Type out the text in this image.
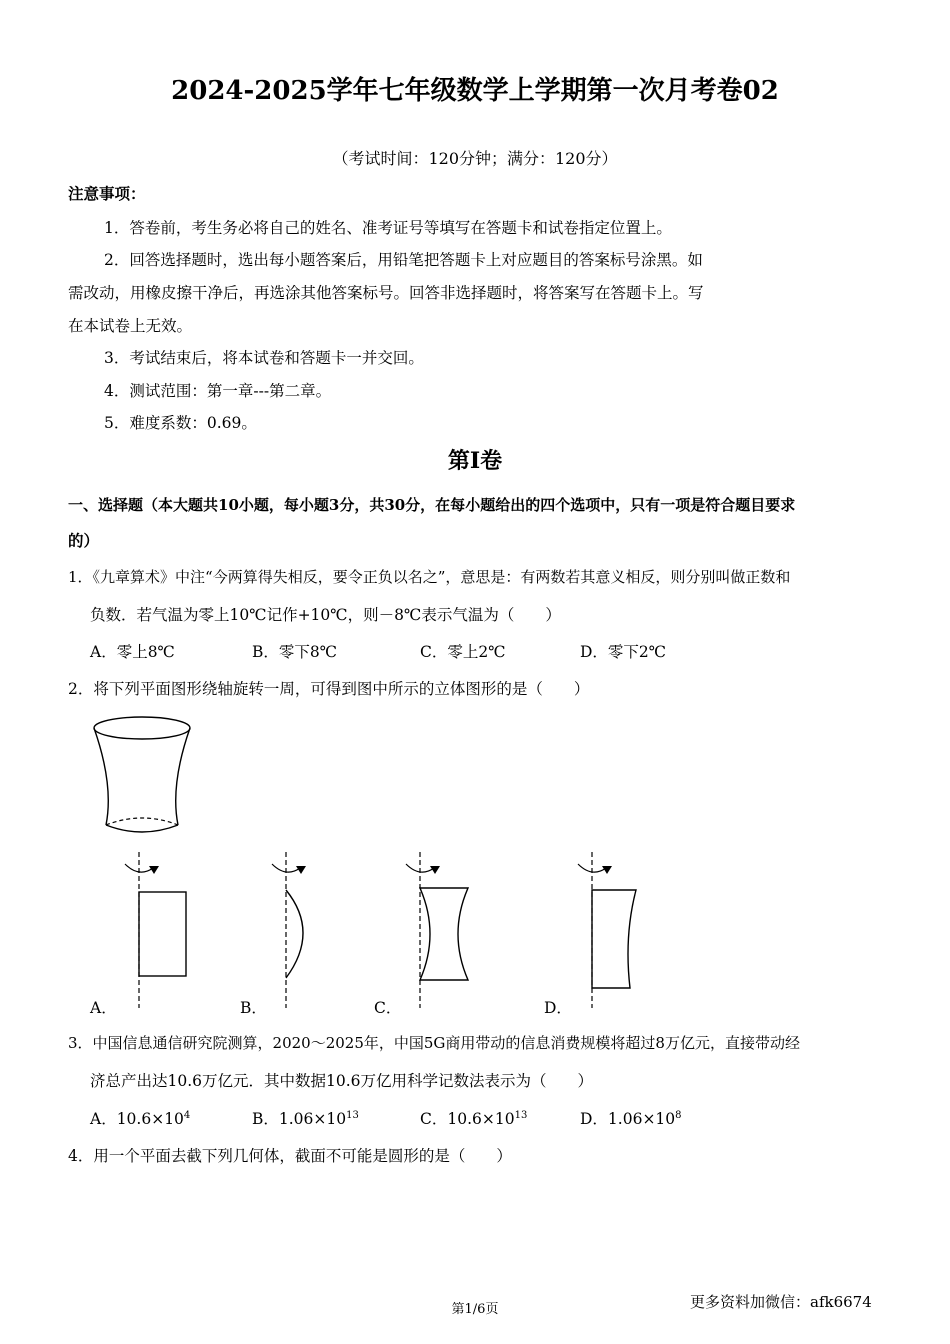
2024-2025学年七年级数学上学期第一次月考卷02
（考试时间：120分钟；满分：120分）
注意事项：
1．答卷前，考生务必将自己的姓名、准考证号等填写在答题卡和试卷指定位置上。
2．回答选择题时，选出每小题答案后，用铅笔把答题卡上对应题目的答案标号涂黑。如
需改动，用橡皮擦干净后，再选涂其他答案标号。回答非选择题时，将答案写在答题卡上。写
在本试卷上无效。
3．考试结束后，将本试卷和答题卡一并交回。
4．测试范围：第一章---第二章。
5．难度系数：0.69。
第Ⅰ卷
一、选择题（本大题共10小题，每小题3分，共30分，在每小题给出的四个选项中，只有一项是符合题目要求
的）
1．《九章算术》中注“今两算得失相反，要令正负以名之”，意思是：有两数若其意义相反，则分别叫做正数和
负数．若气温为零上10℃记作+10℃，则－8℃表示气温为（　　）
A．零上8℃	B．零下8℃	C．零上2℃	D．零下2℃
2．将下列平面图形绕轴旋转一周，可得到图中所示的立体图形的是（　　）
A．	B．	C．	D．
3．中国信息通信研究院测算，2020～2025年，中国5G商用带动的信息消费规模将超过8万亿元，直接带动经
济总产出达10.6万亿元．其中数据10.6万亿用科学记数法表示为（　　）
A．$10.6\times 10^4$	B．$1.06\times 10^{13}$	C．$10.6\times 10^{13}$	D．$1.06\times 10^8$
4．用一个平面去截下列几何体，截面不可能是圆形的是（　　）
第1/6页	更多资料加微信：afk6674
